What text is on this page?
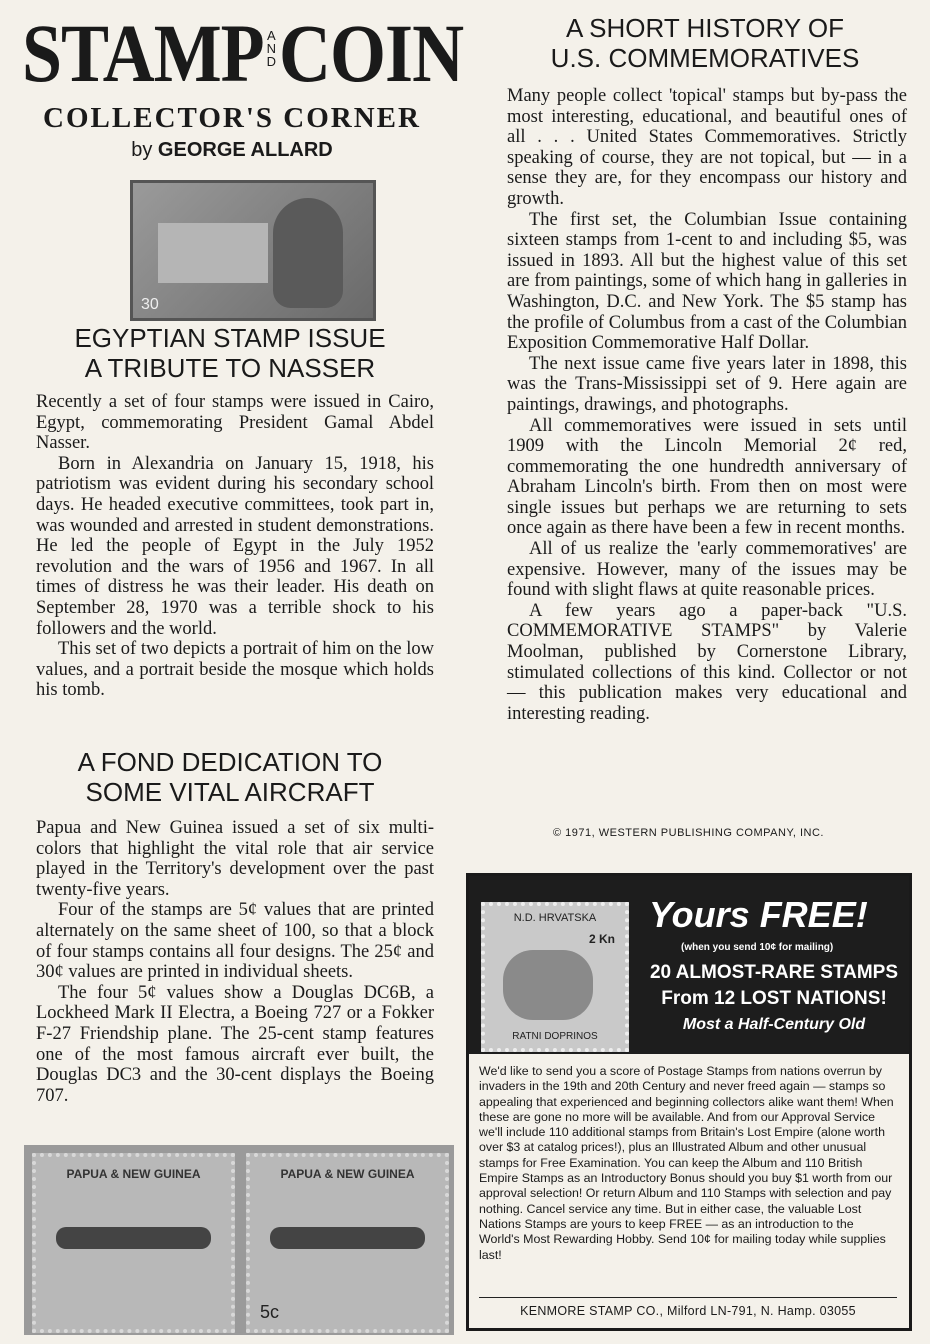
STAMP A
N
D COIN
COLLECTOR'S CORNER
by GEORGE ALLARD
30
EGYPTIAN STAMP ISSUE
A TRIBUTE TO NASSER

Recently a set of four stamps were issued in Cairo, Egypt, commemorating President Gamal Abdel Nasser.

Born in Alexandria on January 15, 1918, his patriotism was evident during his secondary school days. He headed executive committees, took part in, was wounded and arrested in student demonstrations. He led the people of Egypt in the July 1952 revolution and the wars of 1956 and 1967. In all times of distress he was their leader. His death on September 28, 1970 was a terrible shock to his followers and the world.

This set of two depicts a portrait of him on the low values, and a portrait beside the mosque which holds his tomb.

A FOND DEDICATION TO
SOME VITAL AIRCRAFT

Papua and New Guinea issued a set of six multi-colors that highlight the vital role that air service played in the Territory's development over the past twenty-five years.

Four of the stamps are 5¢ values that are printed alternately on the same sheet of 100, so that a block of four stamps contains all four designs. The 25¢ and 30¢ values are printed in individual sheets.

The four 5¢ values show a Douglas DC6B, a Lockheed Mark II Electra, a Boeing 727 or a Fokker F-27 Friendship plane. The 25-cent stamp features one of the most famous aircraft ever built, the Douglas DC3 and the 30-cent displays the Boeing 707.

PAPUA & NEW GUINEA	PAPUA & NEW GUINEA
5c
A SHORT HISTORY OF
U.S. COMMEMORATIVES

Many people collect 'topical' stamps but by-pass the most interesting, educational, and beautiful ones of all . . . United States Commemoratives. Strictly speaking of course, they are not topical, but — in a sense they are, for they encompass our history and growth.

The first set, the Columbian Issue containing sixteen stamps from 1-cent to and including $5, was issued in 1893. All but the highest value of this set are from paintings, some of which hang in galleries in Washington, D.C. and New York. The $5 stamp has the profile of Columbus from a cast of the Columbian Exposition Commemorative Half Dollar.

The next issue came five years later in 1898, this was the Trans-Mississippi set of 9. Here again are paintings, drawings, and photographs.

All commemoratives were issued in sets until 1909 with the Lincoln Memorial 2¢ red, commemorating the one hundredth anniversary of Abraham Lincoln's birth. From then on most were single issues but perhaps we are returning to sets once again as there have been a few in recent months.

All of us realize the 'early commemoratives' are expensive. However, many of the issues may be found with slight flaws at quite reasonable prices.

A few years ago a paper-back "U.S. COMMEMORATIVE STAMPS" by Valerie Moolman, published by Cornerstone Library, stimulated collections of this kind. Collector or not — this publication makes very educational and interesting reading.

© 1971, WESTERN PUBLISHING COMPANY, INC.
N.D. HRVATSKA
2 Kn
RATNI DOPRINOS
Yours FREE!
(when you send 10¢ for mailing)
20 ALMOST-RARE STAMPS
From 12 LOST NATIONS!
Most a Half-Century Old
We'd like to send you a score of Postage Stamps from nations overrun by invaders in the 19th and 20th Century and never freed again — stamps so appealing that experienced and beginning collectors alike want them! When these are gone no more will be available. And from our Approval Service we'll include 110 additional stamps from Britain's Lost Empire (alone worth over $3 at catalog prices!), plus an Illustrated Album and other unusual stamps for Free Examination. You can keep the Album and 110 British Empire Stamps as an Introductory Bonus should you buy $1 worth from our approval selection! Or return Album and 110 Stamps with selection and pay nothing. Cancel service any time. But in either case, the valuable Lost Nations Stamps are yours to keep FREE — as an introduction to the World's Most Rewarding Hobby. Send 10¢ for mailing today while supplies last!
KENMORE STAMP CO., Milford LN-791, N. Hamp. 03055
